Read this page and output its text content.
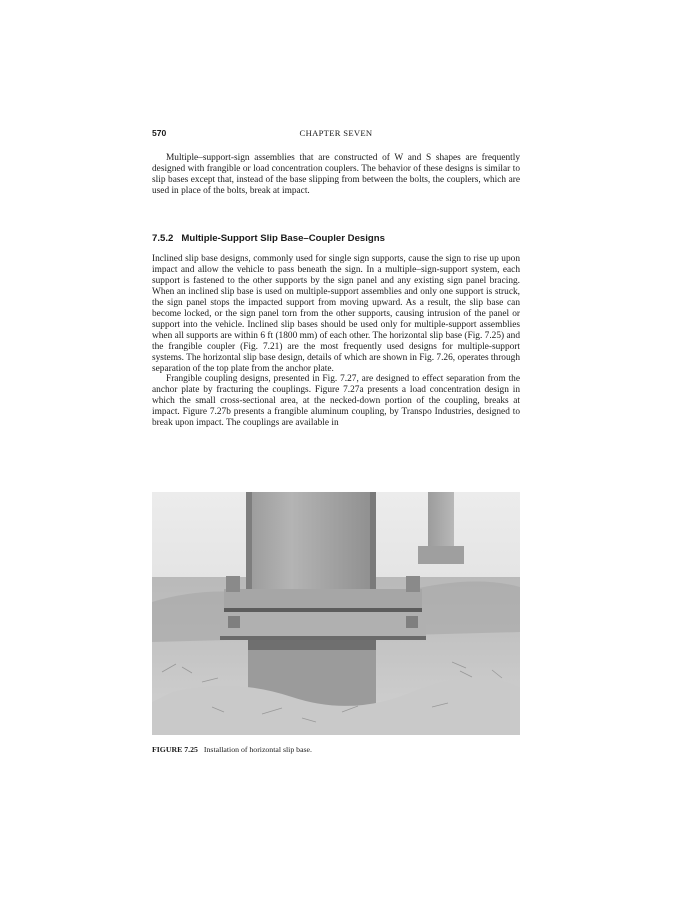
570	CHAPTER SEVEN

Multiple–support-sign assemblies that are constructed of W and S shapes are frequently designed with frangible or load concentration couplers. The behavior of these designs is similar to slip bases except that, instead of the base slipping from between the bolts, the couplers, which are used in place of the bolts, break at impact.

7.5.2 Multiple-Support Slip Base–Coupler Designs

Inclined slip base designs, commonly used for single sign supports, cause the sign to rise up upon impact and allow the vehicle to pass beneath the sign. In a multiple–sign-support system, each support is fastened to the other supports by the sign panel and any existing sign panel bracing. When an inclined slip base is used on multiple-support assemblies and only one support is struck, the sign panel stops the impacted support from moving upward. As a result, the slip base can become locked, or the sign panel torn from the other supports, causing intrusion of the panel or support into the vehicle. Inclined slip bases should be used only for multiple-support assemblies when all supports are within 6 ft (1800 mm) of each other. The horizontal slip base (Fig. 7.25) and the frangible coupler (Fig. 7.21) are the most frequently used designs for multiple-support systems. The horizontal slip base design, details of which are shown in Fig. 7.26, operates through separation of the top plate from the anchor plate.

Frangible coupling designs, presented in Fig. 7.27, are designed to effect separation from the anchor plate by fracturing the couplings. Figure 7.27a presents a load concentration design in which the small cross-sectional area, at the necked-down portion of the coupling, breaks at impact. Figure 7.27b presents a frangible aluminum coupling, by Transpo Industries, designed to break upon impact. The couplings are available in

FIGURE 7.25 Installation of horizontal slip base.
